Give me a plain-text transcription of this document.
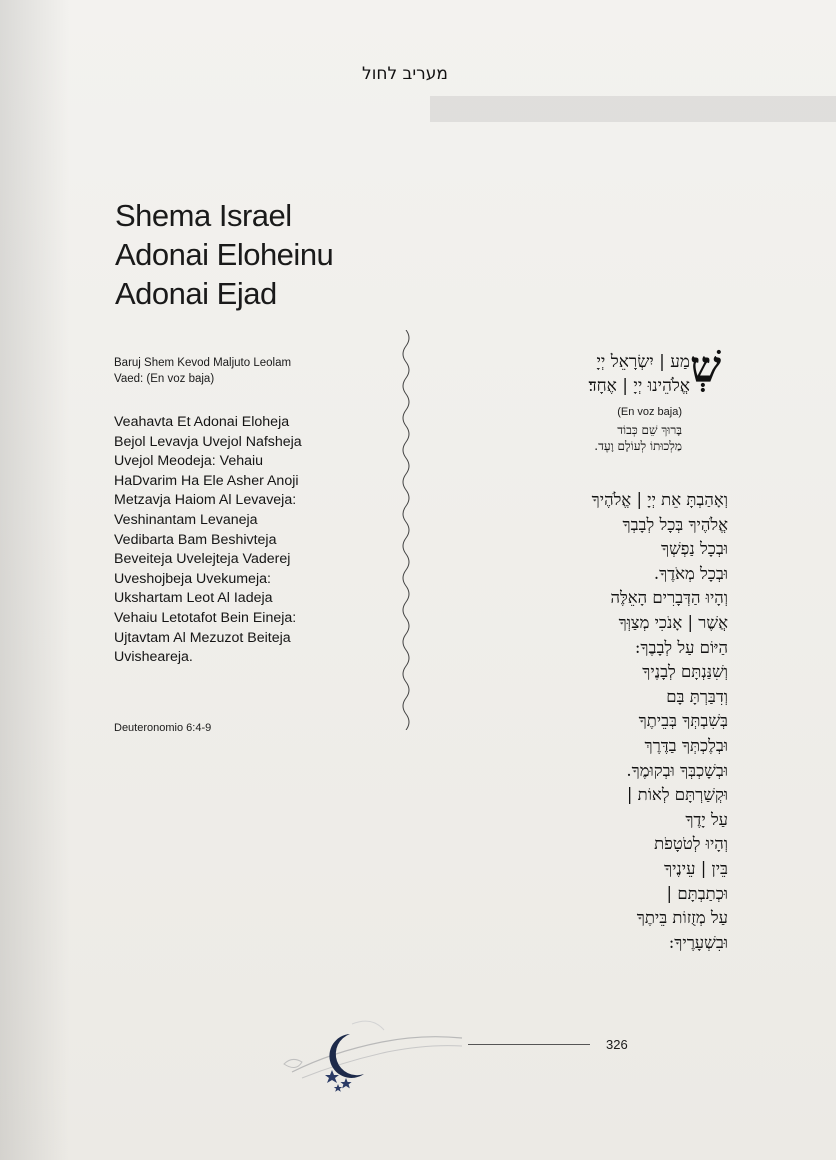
מעריב לחול
Shema Israel
Adonai Eloheinu
Adonai Ejad
Baruj Shem Kevod Maljuto Leolam
Vaed: (En voz baja)
Veahavta Et Adonai Eloheja
Bejol Levavja Uvejol Nafsheja
Uvejol Meodeja: Vehaiu
HaDvarim Ha Ele Asher Anoji
Metzavja Haiom Al Levaveja:
Veshinantam Levaneja
Vedibarta Bam Beshivteja
Beveiteja Uvelejteja Vaderej
Uveshojbeja Uvekumeja:
Ukshartam Leot Al Iadeja
Vehaiu Letotafot Bein Eineja:
Ujtavtam Al Mezuzot Beiteja
Uvisheareja.
Deuteronomio 6:4-9
שְׁ
מַע | יִשְׂרָאֵל יְיָ
אֱלֹהֵינוּ יְיָ | אֶחָד׃
(En voz baja)
בָּרוּךְ שֵׁם כְּבוֹד
מַלְכוּתוֹ לְעוֹלָם וָעֶד.
וְאָהַבְתָּ אֵת יְיָ | אֱלֹהֶיךָ
אֱלֹהֶיךָ בְּכָל לְבָבְךָ
וּבְכָל נַפְשְׁךָ
וּבְכָל מְאֹדֶךָ.
וְהָיוּ הַדְּבָרִים הָאֵלֶּה
אֲשֶׁר | אָנֹכִי מְצַוְּךָ
הַיּוֹם עַל לְבָבֶךָ:
וְשִׁנַּנְתָּם לְבָנֶיךָ
וְדִבַּרְתָּ בָּם
בְּשִׁבְתְּךָ בְּבֵיתֶךָ
וּבְלֶכְתְּךָ בַדֶּרֶךְ
וּבְשָׁכְבְּךָ וּבְקוּמֶךָ.
וּקְשַׁרְתָּם לְאוֹת |
עַל יָדֶךָ
וְהָיוּ לְטֹטָפֹת
בֵּין | עֵינֶיךָ
וּכְתַבְתָּם |
עַל מְזֻזוֹת בֵּיתֶךָ
וּבִשְׁעָרֶיךָ:
326
